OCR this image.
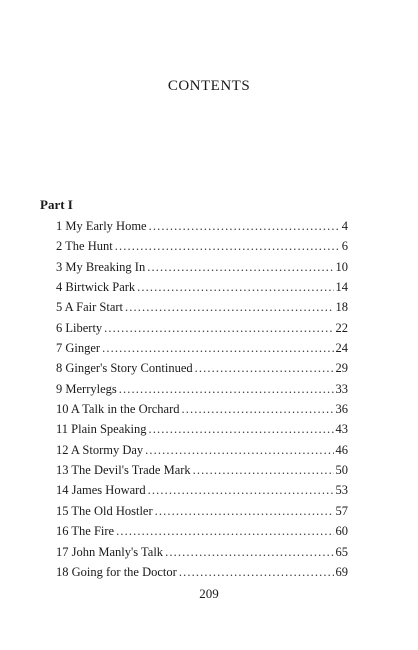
CONTENTS
Part I
1 My Early Home . . .	4
2 The Hunt . . .	6
3 My Breaking In . . .	10
4 Birtwick Park . . .	14
5 A Fair Start . . .	18
6 Liberty . . .	22
7 Ginger . . .	24
8 Ginger's Story Continued . . .	29
9 Merrylegs . . .	33
10 A Talk in the Orchard . . .	36
11 Plain Speaking . . .	43
12 A Stormy Day . . .	46
13 The Devil's Trade Mark . . .	50
14 James Howard . . .	53
15 The Old Hostler . . .	57
16 The Fire . . .	60
17 John Manly's Talk . . .	65
18 Going for the Doctor . . .	69
209
